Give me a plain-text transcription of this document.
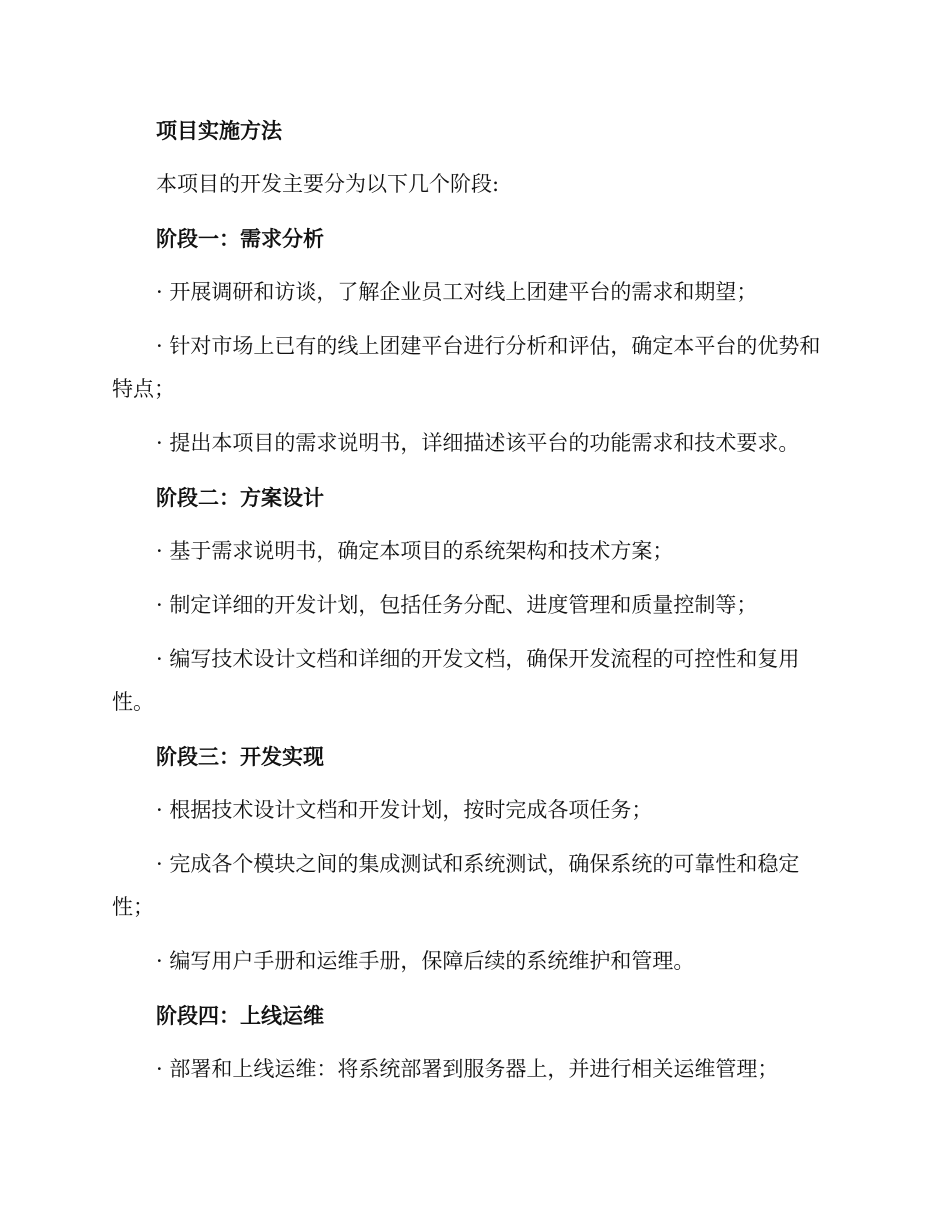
项目实施方法

本项目的开发主要分为以下几个阶段:

阶段一：需求分析

· 开展调研和访谈，了解企业员工对线上团建平台的需求和期望；

· 针对市场上已有的线上团建平台进行分析和评估，确定本平台的优势和特点；

· 提出本项目的需求说明书，详细描述该平台的功能需求和技术要求。

阶段二：方案设计

· 基于需求说明书，确定本项目的系统架构和技术方案；

· 制定详细的开发计划，包括任务分配、进度管理和质量控制等；

· 编写技术设计文档和详细的开发文档，确保开发流程的可控性和复用性。

阶段三：开发实现

· 根据技术设计文档和开发计划，按时完成各项任务；

· 完成各个模块之间的集成测试和系统测试，确保系统的可靠性和稳定性；

· 编写用户手册和运维手册，保障后续的系统维护和管理。

阶段四：上线运维

· 部署和上线运维：将系统部署到服务器上，并进行相关运维管理；
